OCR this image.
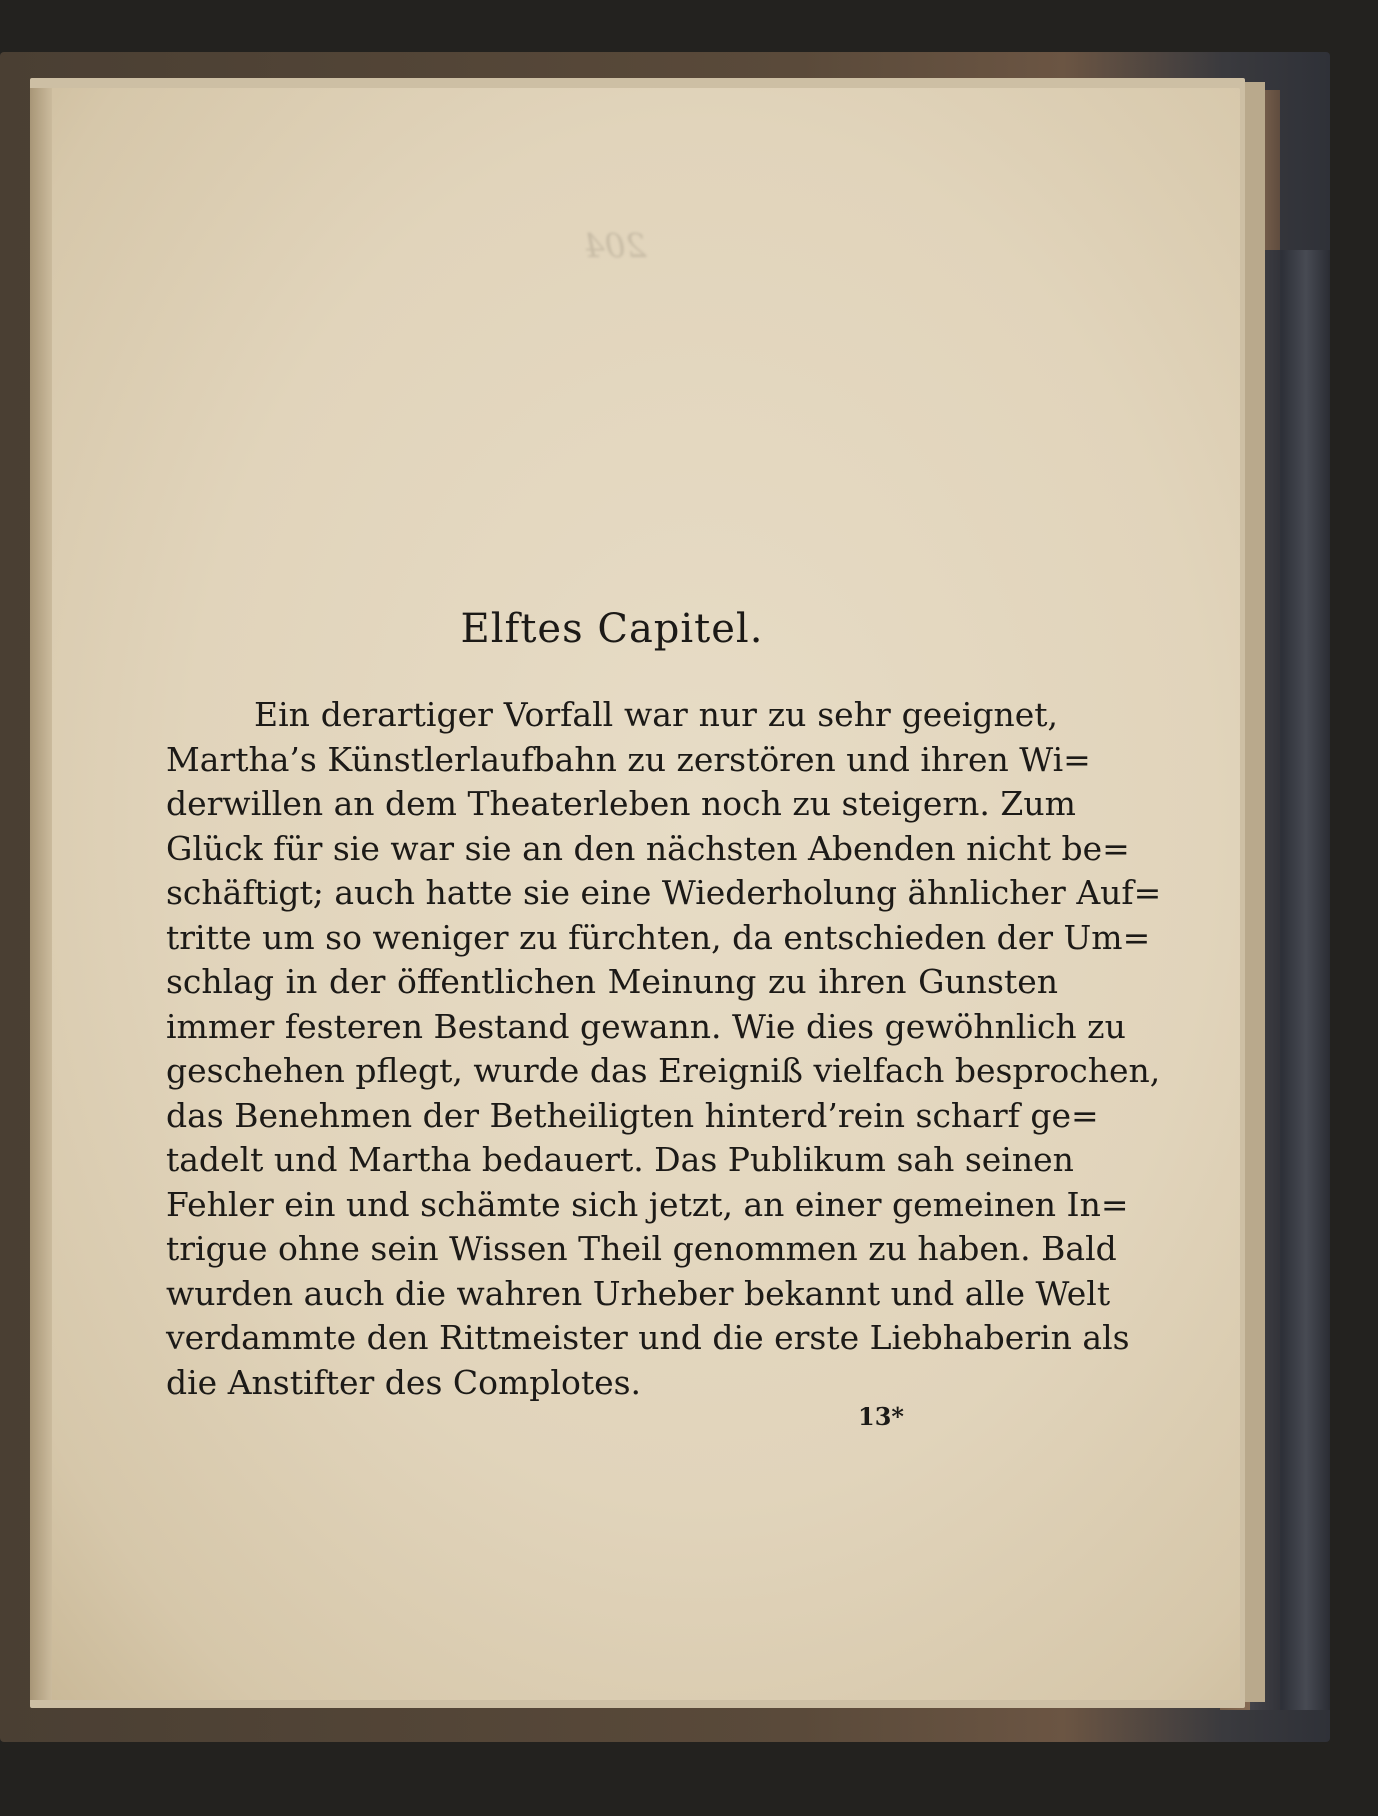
204
Elftes Capitel.
Ein derartiger Vorfall war nur zu sehr geeignet,
Martha’s Künstlerlaufbahn zu zerstören und ihren Wi=
derwillen an dem Theaterleben noch zu steigern. Zum
Glück für sie war sie an den nächsten Abenden nicht be=
schäftigt; auch hatte sie eine Wiederholung ähnlicher Auf=
tritte um so weniger zu fürchten, da entschieden der Um=
schlag in der öffentlichen Meinung zu ihren Gunsten
immer festeren Bestand gewann. Wie dies gewöhnlich zu
geschehen pflegt, wurde das Ereigniß vielfach besprochen,
das Benehmen der Betheiligten hinterd’rein scharf ge=
tadelt und Martha bedauert. Das Publikum sah seinen
Fehler ein und schämte sich jetzt, an einer gemeinen In=
trigue ohne sein Wissen Theil genommen zu haben. Bald
wurden auch die wahren Urheber bekannt und alle Welt
verdammte den Rittmeister und die erste Liebhaberin als
die Anstifter des Complotes.
13*
